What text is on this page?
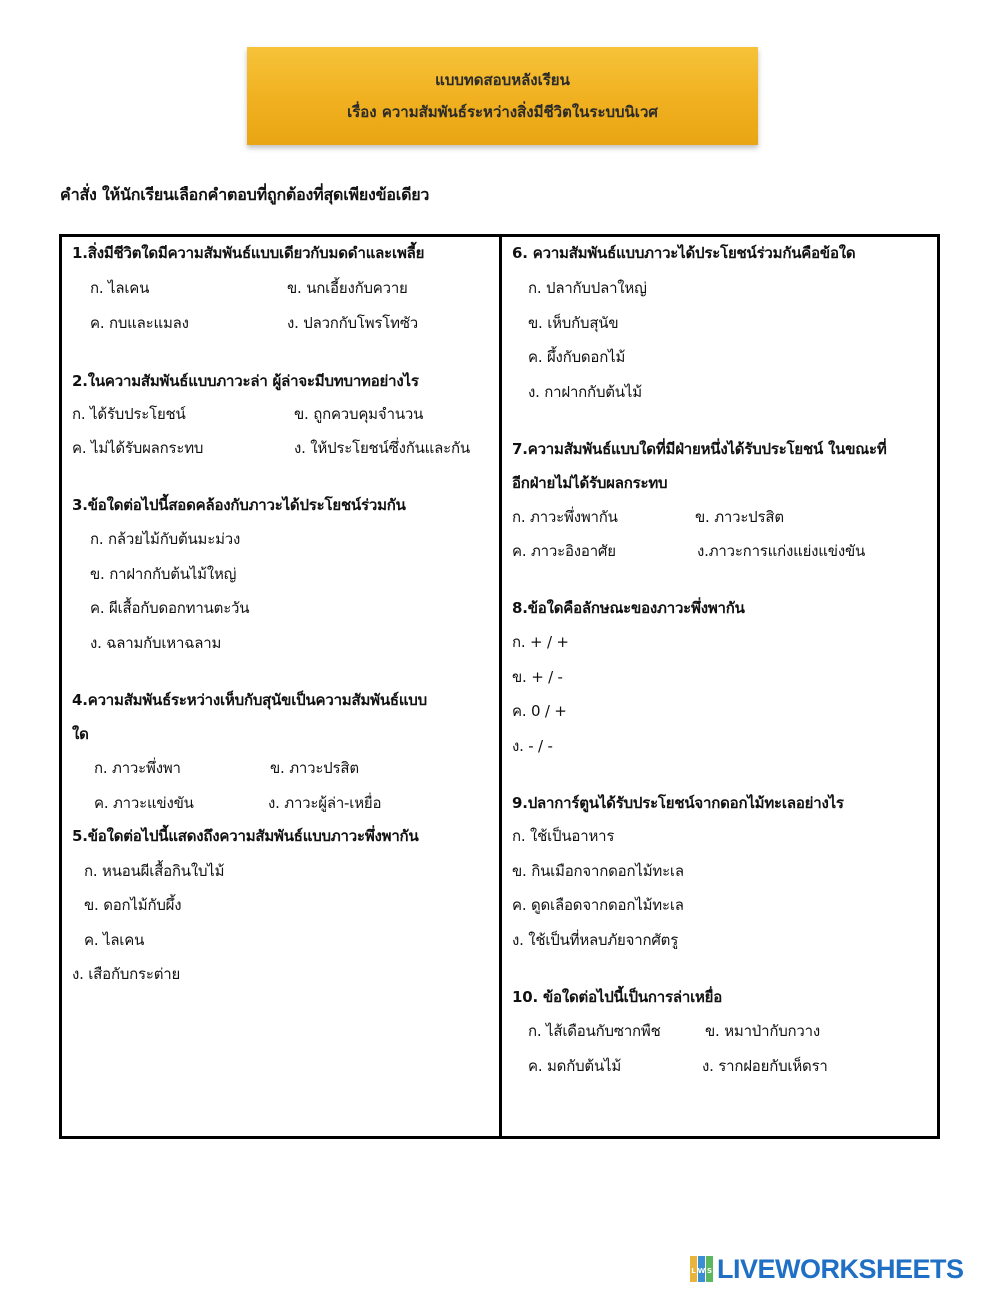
แบบทดสอบหลังเรียน
เรื่อง ความสัมพันธ์ระหว่างสิ่งมีชีวิตในระบบนิเวศ
คำสั่ง ให้นักเรียนเลือกคำตอบที่ถูกต้องที่สุดเพียงข้อเดียว
1.สิ่งมีชีวิตใดมีความสัมพันธ์แบบเดียวกับมดดำและเพลี้ย
ก. ไลเคน	ข. นกเอี้ยงกับควาย
ค. กบและแมลง	ง. ปลวกกับโพรโทซัว
2.ในความสัมพันธ์แบบภาวะล่า ผู้ล่าจะมีบทบาทอย่างไร
ก. ได้รับประโยชน์	ข. ถูกควบคุมจำนวน
ค. ไม่ได้รับผลกระทบ	ง. ให้ประโยชน์ซึ่งกันและกัน
3.ข้อใดต่อไปนี้สอดคล้องกับภาวะได้ประโยชน์ร่วมกัน
ก. กล้วยไม้กับต้นมะม่วง
ข. กาฝากกับต้นไม้ใหญ่
ค. ผีเสื้อกับดอกทานตะวัน
ง. ฉลามกับเหาฉลาม
4.ความสัมพันธ์ระหว่างเห็บกับสุนัขเป็นความสัมพันธ์แบบ
ใด
ก. ภาวะพึ่งพา	ข. ภาวะปรสิต
ค. ภาวะแข่งขัน	ง. ภาวะผู้ล่า-เหยื่อ
5.ข้อใดต่อไปนี้แสดงถึงความสัมพันธ์แบบภาวะพึ่งพากัน
ก. หนอนผีเสื้อกินใบไม้
ข. ดอกไม้กับผึ้ง
ค. ไลเคน
ง. เสือกับกระต่าย
6. ความสัมพันธ์แบบภาวะได้ประโยชน์ร่วมกันคือข้อใด
ก. ปลากับปลาใหญ่
ข. เห็บกับสุนัข
ค. ผึ้งกับดอกไม้
ง. กาฝากกับต้นไม้
7.ความสัมพันธ์แบบใดที่มีฝ่ายหนึ่งได้รับประโยชน์ ในขณะที่
อีกฝ่ายไม่ได้รับผลกระทบ
ก. ภาวะพึ่งพากัน	ข. ภาวะปรสิต
ค. ภาวะอิงอาศัย	ง.ภาวะการแก่งแย่งแข่งขัน
8.ข้อใดคือลักษณะของภาวะพึ่งพากัน
ก. + / +
ข. + / -
ค. 0 / +
ง. - / -
9.ปลาการ์ตูนได้รับประโยชน์จากดอกไม้ทะเลอย่างไร
ก. ใช้เป็นอาหาร
ข. กินเมือกจากดอกไม้ทะเล
ค. ดูดเลือดจากดอกไม้ทะเล
ง. ใช้เป็นที่หลบภัยจากศัตรู
10. ข้อใดต่อไปนี้เป็นการล่าเหยื่อ
ก. ไส้เดือนกับซากพืช	ข. หมาป่ากับกวาง
ค. มดกับต้นไม้	ง. รากฝอยกับเห็ดรา
L W S LIVEWORKSHEETS
